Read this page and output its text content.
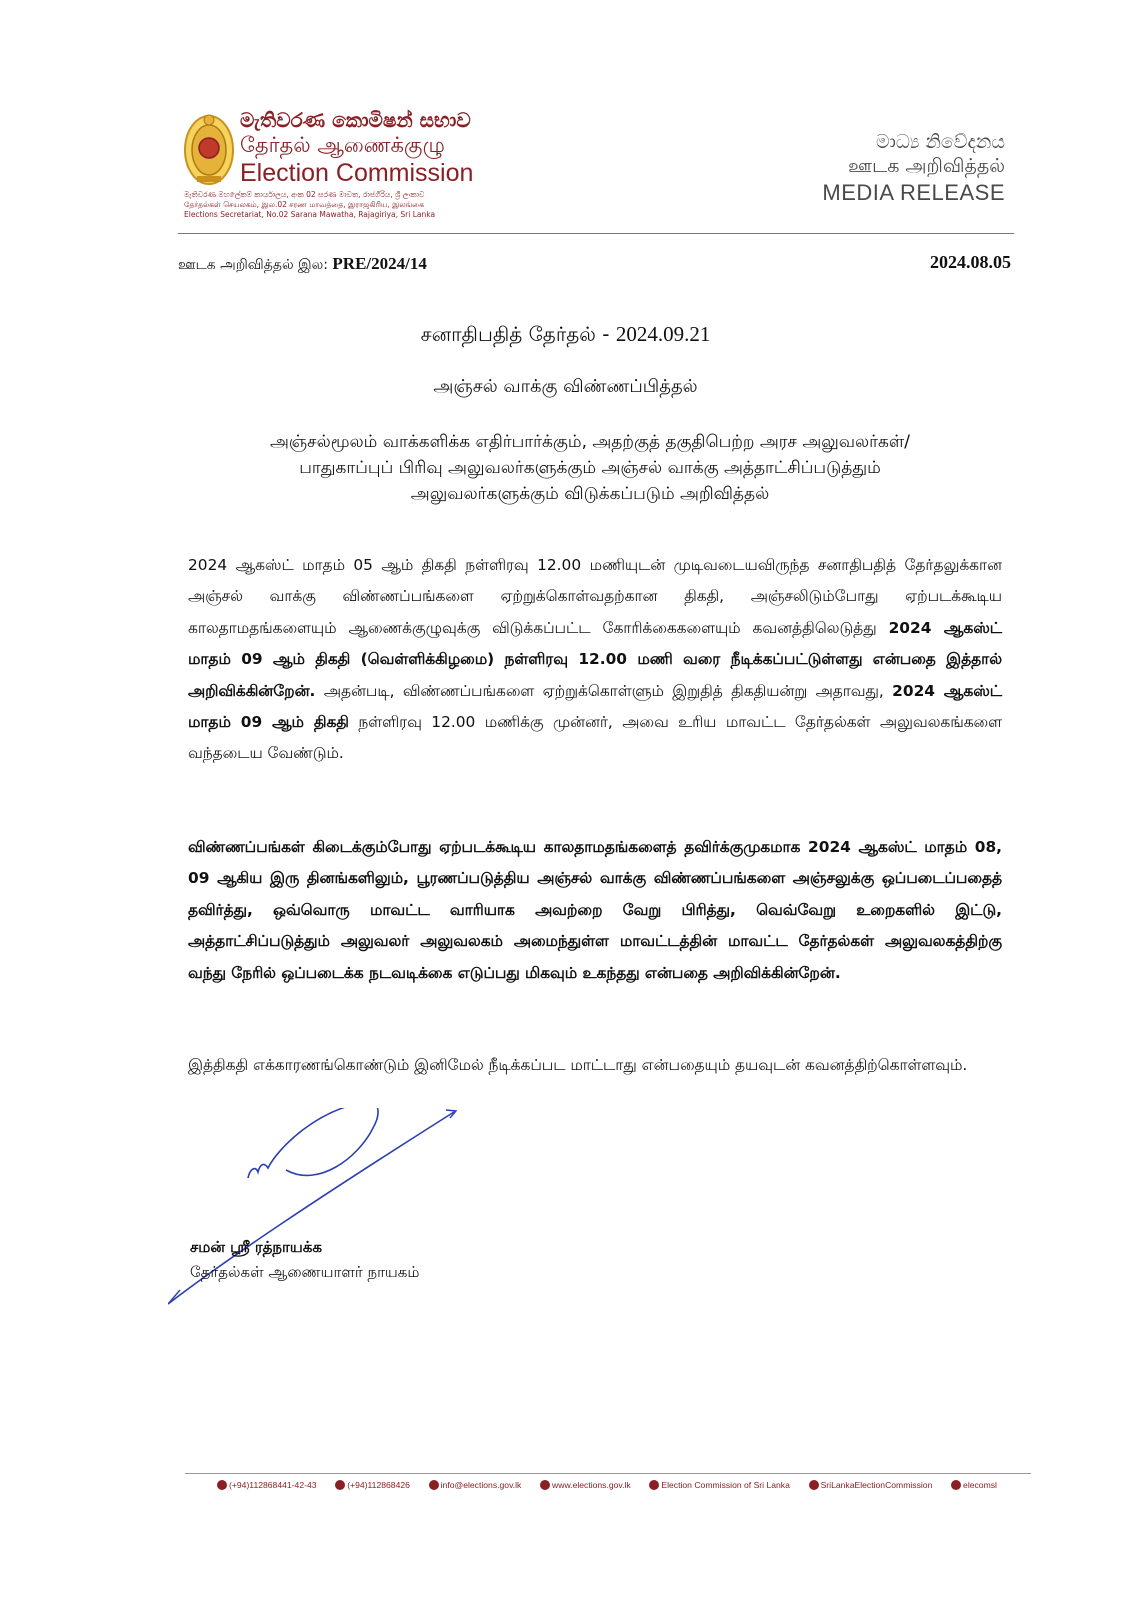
මැතිවරණ කොමිෂන් සභාව
தேர்தல் ஆணைக்குழு
Election Commission
මැතිවරණ මහලේකම් කාර්යාලය, අංක 02 සරණ මාවත, රාජගිරිය, ශ්‍රී ලංකාව
தேர்தல்கள் செயலகம், இல.02 சரண மாவத்தை, இராஜகிரிய, இலங்கை
Elections Secretariat, No.02 Sarana Mawatha, Rajagiriya, Sri Lanka
මාධ්‍ය නිවේදනය
ஊடக அறிவித்தல்
MEDIA RELEASE
ஊடக அறிவித்தல் இல: PRE/2024/14	2024.08.05
சனாதிபதித் தேர்தல் - 2024.09.21
அஞ்சல் வாக்கு விண்ணப்பித்தல்
அஞ்சல்மூலம் வாக்களிக்க எதிர்பார்க்கும், அதற்குத் தகுதிபெற்ற அரச அலுவலர்கள்/
பாதுகாப்புப் பிரிவு அலுவலர்களுக்கும் அஞ்சல் வாக்கு அத்தாட்சிப்படுத்தும்
அலுவலர்களுக்கும் விடுக்கப்படும் அறிவித்தல்
2024 ஆகஸ்ட் மாதம் 05 ஆம் திகதி நள்ளிரவு 12.00 மணியுடன் முடிவடையவிருந்த சனாதிபதித் தேர்தலுக்கான அஞ்சல் வாக்கு விண்ணப்பங்களை ஏற்றுக்கொள்வதற்கான திகதி, அஞ்சலிடும்போது ஏற்படக்கூடிய காலதாமதங்களையும் ஆணைக்குழுவுக்கு விடுக்கப்பட்ட கோரிக்கைகளையும் கவனத்திலெடுத்து 2024 ஆகஸ்ட் மாதம் 09 ஆம் திகதி (வெள்ளிக்கிழமை) நள்ளிரவு 12.00 மணி வரை நீடிக்கப்பட்டுள்ளது என்பதை இத்தால் அறிவிக்கின்றேன். அதன்படி, விண்ணப்பங்களை ஏற்றுக்கொள்ளும் இறுதித் திகதியன்று அதாவது, 2024 ஆகஸ்ட் மாதம் 09 ஆம் திகதி நள்ளிரவு 12.00 மணிக்கு முன்னர், அவை உரிய மாவட்ட தேர்தல்கள் அலுவலகங்களை வந்தடைய வேண்டும்.
விண்ணப்பங்கள் கிடைக்கும்போது ஏற்படக்கூடிய காலதாமதங்களைத் தவிர்க்குமுகமாக 2024 ஆகஸ்ட் மாதம் 08, 09 ஆகிய இரு தினங்களிலும், பூரணப்படுத்திய அஞ்சல் வாக்கு விண்ணப்பங்களை அஞ்சலுக்கு ஒப்படைப்பதைத் தவிர்த்து, ஒவ்வொரு மாவட்ட வாரியாக அவற்றை வேறு பிரித்து, வெவ்வேறு உறைகளில் இட்டு, அத்தாட்சிப்படுத்தும் அலுவலர் அலுவலகம் அமைந்துள்ள மாவட்டத்தின் மாவட்ட தேர்தல்கள் அலுவலகத்திற்கு வந்து நேரில் ஒப்படைக்க நடவடிக்கை எடுப்பது மிகவும் உகந்தது என்பதை அறிவிக்கின்றேன்.
இத்திகதி எக்காரணங்கொண்டும் இனிமேல் நீடிக்கப்பட மாட்டாது என்பதையும் தயவுடன் கவனத்திற்கொள்ளவும்.
சமன் ஸ்ரீ ரத்நாயக்க
தேர்தல்கள் ஆணையாளர் நாயகம்
(+94)112868441-42-43	(+94)112868426	info@elections.gov.lk	www.elections.gov.lk	Election Commission of Sri Lanka	SriLankaElectionCommission	elecomsl
